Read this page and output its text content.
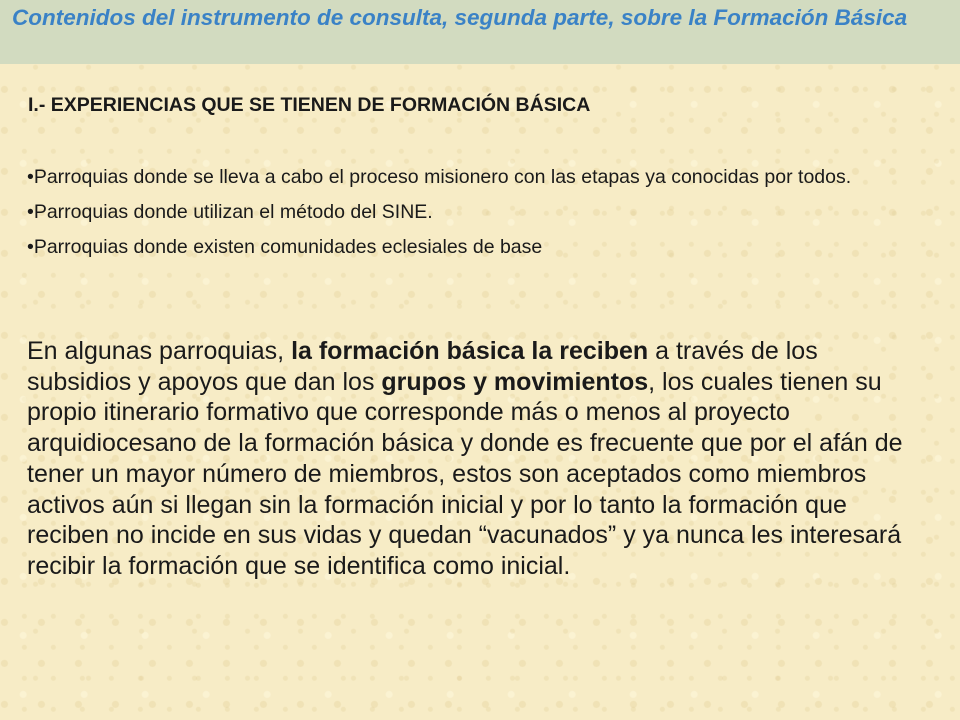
Contenidos del instrumento de consulta, segunda parte, sobre la Formación Básica
I.- EXPERIENCIAS QUE SE TIENEN DE FORMACIÓN BÁSICA
•Parroquias donde se lleva a cabo el proceso misionero con las etapas ya conocidas por todos.
•Parroquias donde utilizan el método del SINE.
•Parroquias donde existen comunidades eclesiales de base

En algunas parroquias, la formación básica la reciben a través de los subsidios y apoyos que dan los grupos y movimientos, los cuales tienen su propio itinerario formativo que corresponde más o menos al proyecto arquidiocesano de la formación básica y donde es frecuente que por el afán de tener un mayor número de miembros, estos son aceptados como miembros activos aún si llegan sin la formación inicial y por lo tanto la formación que reciben no incide en sus vidas y quedan “vacunados” y ya nunca les interesará recibir la formación que se identifica como inicial.
